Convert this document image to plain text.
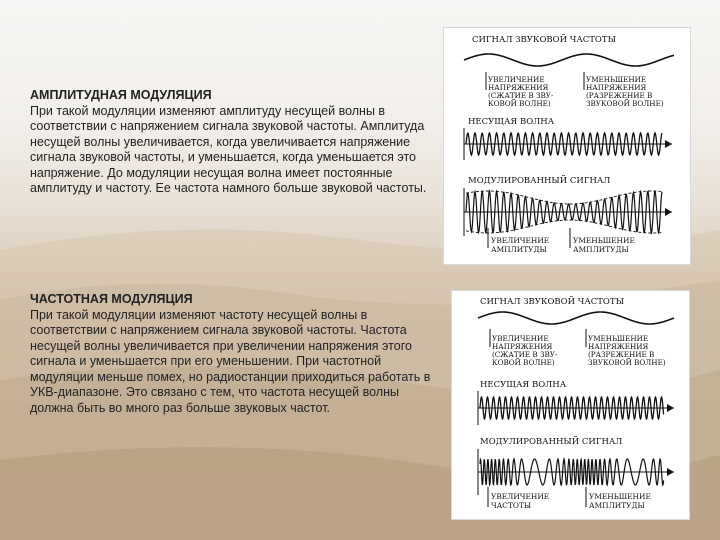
АМПЛИТУДНАЯ МОДУЛЯЦИЯ
При такой модуляции изменяют амплитуду несущей волны в соответствии с напряжением сигнала звуковой частоты. Амплитуда несущей волны увеличивается, когда увеличивается напряжение сигнала звуковой частоты, и уменьшается, когда уменьшается это напряжение. До модуляции несущая волна имеет постоянные амплитуду и частоту. Ее частота намного больше звуковой частоты.
ЧАСТОТНАЯ МОДУЛЯЦИЯ
При такой модуляции изменяют частоту несущей волны в соответствии с напряжением сигнала звуковой частоты. Частота несущей волны увеличивается при увеличении напряжения этого сигнала и уменьшается при его уменьшении. При частотной модуляции меньше помех, но радиостанции приходиться работать в УКВ-диапазоне. Это связано с тем, что частота несущей волны должна быть во много раз больше звуковых частот.
СИГНАЛ ЗВУКОВОЙ ЧАСТОТЫ
УВЕЛИЧЕНИЕ
НАПРЯЖЕНИЯ
(СЖАТИЕ В ЗВУ-
КОВОЙ ВОЛНЕ)
УМЕНЬШЕНИЕ
НАПРЯЖЕНИЯ
(РАЗРЕЖЕНИЕ В
ЗВУКОВОЙ ВОЛНЕ)
НЕСУЩАЯ ВОЛНА
МОДУЛИРОВАННЫЙ СИГНАЛ
УВЕЛИЧЕНИЕ
АМПЛИТУДЫ
УМЕНЬШЕНИЕ
АМПЛИТУДЫ
СИГНАЛ ЗВУКОВОЙ ЧАСТОТЫ
УВЕЛИЧЕНИЕ
НАПРЯЖЕНИЯ
(СЖАТИЕ В ЗВУ-
КОВОЙ ВОЛНЕ)
УМЕНЬШЕНИЕ
НАПРЯЖЕНИЯ
(РАЗРЕЖЕНИЕ В
ЗВУКОВОЙ ВОЛНЕ)
НЕСУЩАЯ ВОЛНА
МОДУЛИРОВАННЫЙ СИГНАЛ
УВЕЛИЧЕНИЕ
ЧАСТОТЫ
УМЕНЬШЕНИЕ
АМПЛИТУДЫ
